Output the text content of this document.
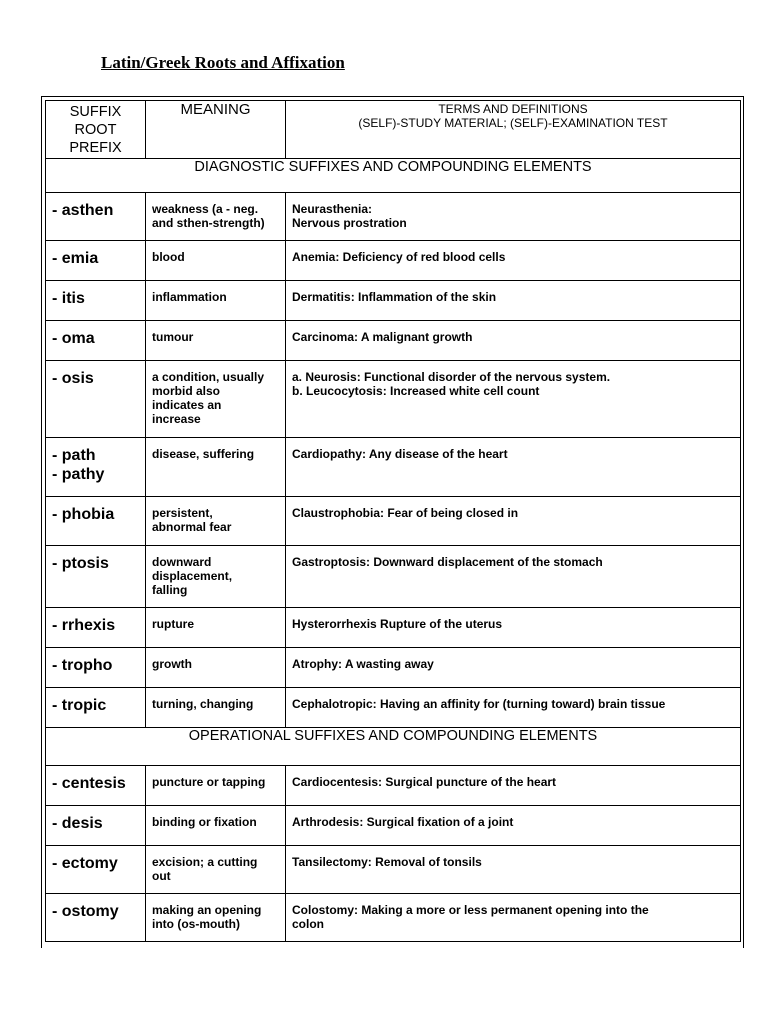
Latin/Greek Roots and Affixation
SUFFIX
ROOT
PREFIX	MEANING	TERMS AND DEFINITIONS
(SELF)-STUDY MATERIAL; (SELF)-EXAMINATION TEST

DIAGNOSTIC SUFFIXES AND COMPOUNDING ELEMENTS		

- asthen	weakness (a - neg.
and sthen-strength)	Neurasthenia:
Nervous prostration

- emia	blood	Anemia: Deficiency of red blood cells

- itis	inflammation	Dermatitis: Inflammation of the skin

- oma	tumour	Carcinoma: A malignant growth

- osis	a condition, usually
morbid also
indicates an
increase	a. Neurosis: Functional disorder of the nervous system.
b. Leucocytosis: Increased white cell count

- path
- pathy	disease, suffering	Cardiopathy: Any disease of the heart

- phobia	persistent,
abnormal fear	Claustrophobia: Fear of being closed in

- ptosis	downward
displacement,
falling	Gastroptosis: Downward displacement of the stomach

- rrhexis	rupture	Hysterorrhexis Rupture of the uterus

- tropho	growth	Atrophy: A wasting away

- tropic	turning, changing	Cephalotropic: Having an affinity for (turning toward) brain tissue

OPERATIONAL SUFFIXES AND COMPOUNDING ELEMENTS		

- centesis	puncture or tapping	Cardiocentesis: Surgical puncture of the heart

- desis	binding or fixation	Arthrodesis: Surgical fixation of a joint

- ectomy	excision; a cutting
out	Tansilectomy: Removal of tonsils

- ostomy	making an opening
into (os-mouth)	Colostomy: Making a more or less permanent opening into the
colon
